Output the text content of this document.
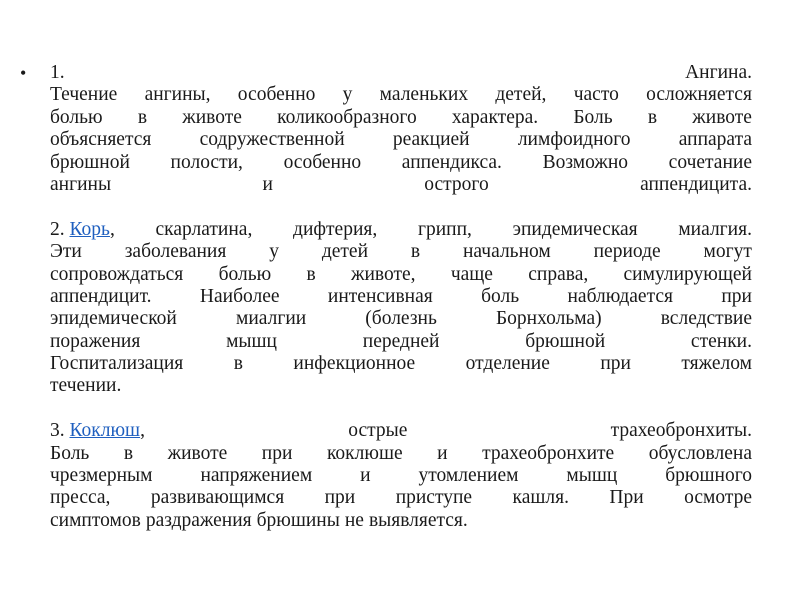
• 1.	Ангина.
Течение ангины, особенно у маленьких детей, часто осложняется
болью в животе коликообразного характера. Боль в животе
объясняется содружественной реакцией лимфоидного аппарата
брюшной полости, особенно аппендикса. Возможно сочетание
ангины	и	острого	аппендицита.
2. Корь, скарлатина, дифтерия, грипп, эпидемическая миалгия.
Эти заболевания у детей в начальном периоде могут
сопровождаться болью в животе, чаще справа, симулирующей
аппендицит. Наиболее интенсивная боль наблюдается при
эпидемической	миалгии	(болезнь	Борнхольма)	вследствие
поражения	мышц	передней	брюшной	стенки.
Госпитализация	в	инфекционное	отделение	при	тяжелом
течении.
3. Коклюш,	острые	трахеобронхиты.
Боль в животе при коклюше и трахеобронхите обусловлена
чрезмерным напряжением и утомлением мышц брюшного
пресса, развивающимся при приступе кашля. При осмотре
симптомов раздражения брюшины не выявляется.
